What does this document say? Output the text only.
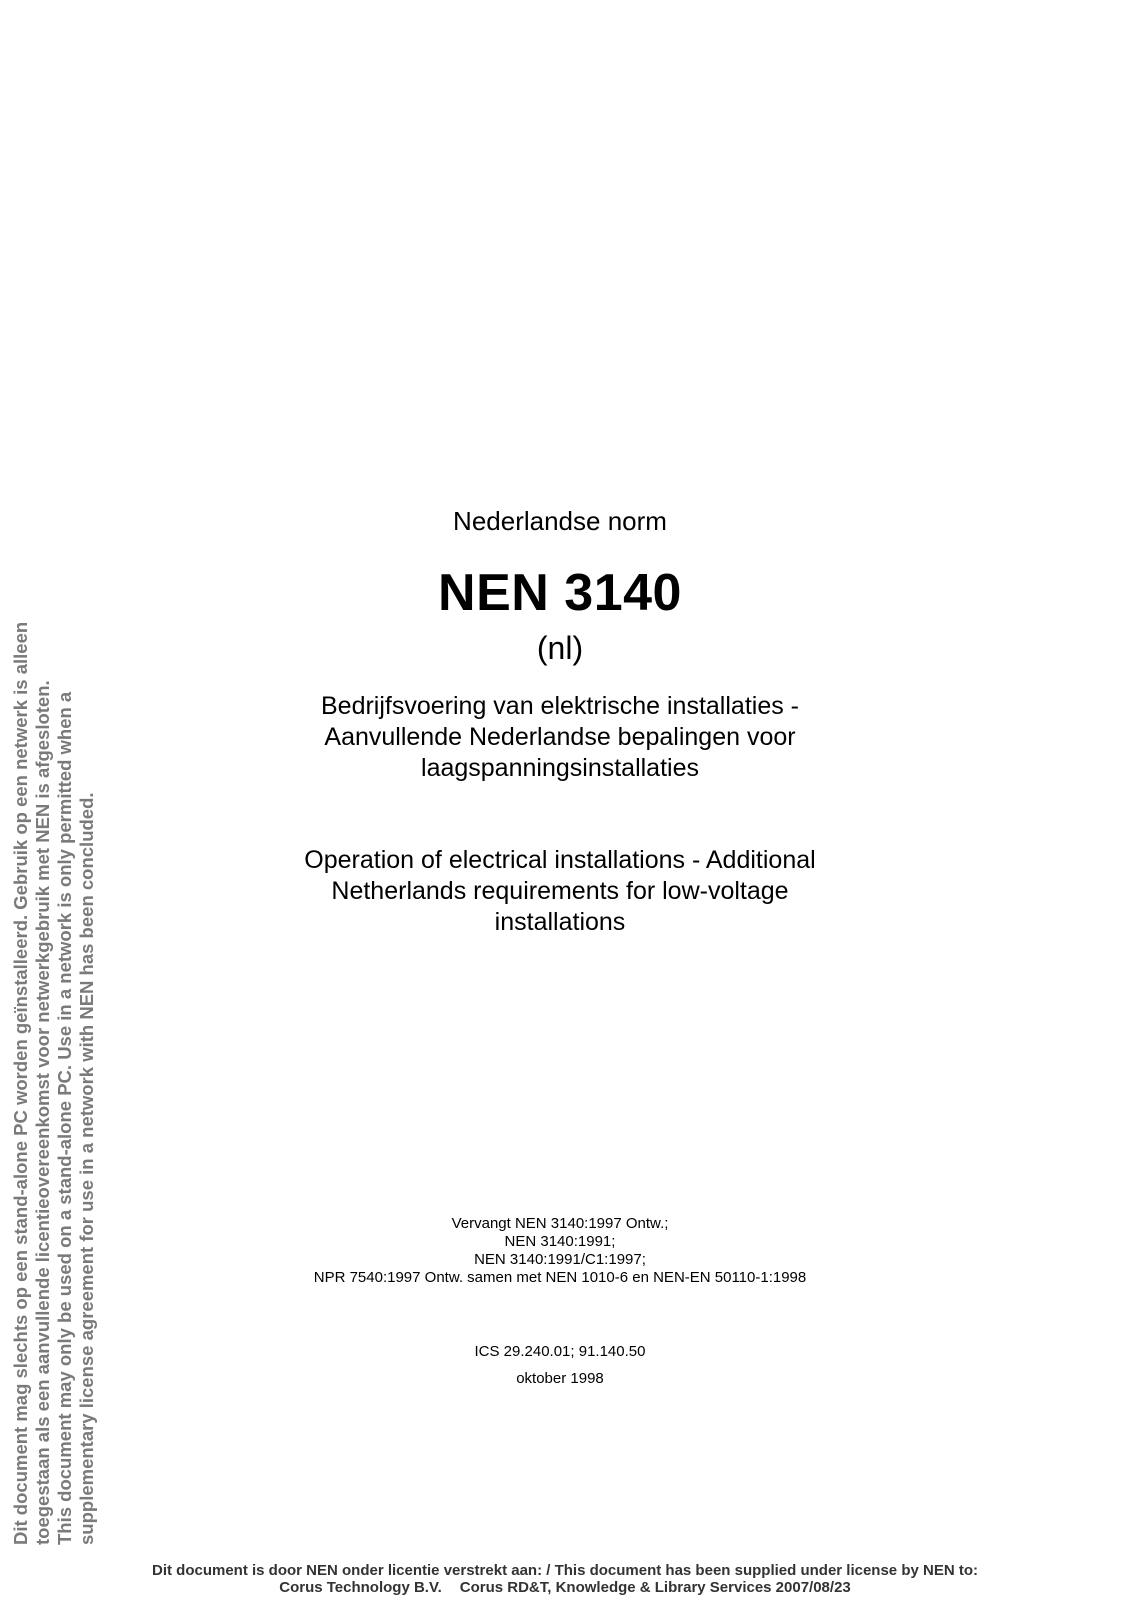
Nederlandse norm
NEN 3140
(nl)
Bedrijfsvoering van elektrische installaties -
Aanvullende Nederlandse bepalingen voor
laagspanningsinstallaties
Operation of electrical installations - Additional
Netherlands requirements for low-voltage
installations
Vervangt NEN 3140:1997 Ontw.;
NEN 3140:1991;
NEN 3140:1991/C1:1997;
NPR 7540:1997 Ontw. samen met NEN 1010-6 en NEN-EN 50110-1:1998
ICS 29.240.01; 91.140.50
oktober 1998
Dit document mag slechts op een stand-alone PC worden geïnstalleerd. Gebruik op een netwerk is alleen toegestaan als een aanvullende licentieovereenkomst voor netwerkgebruik met NEN is afgesloten. This document may only be used on a stand-alone PC. Use in a network is only permitted when a supplementary license agreement for use in a network with NEN has been concluded.
Dit document is door NEN onder licentie verstrekt aan: / This document has been supplied under license by NEN to:
Corus Technology B.V. Corus RD&T, Knowledge & Library Services 2007/08/23
